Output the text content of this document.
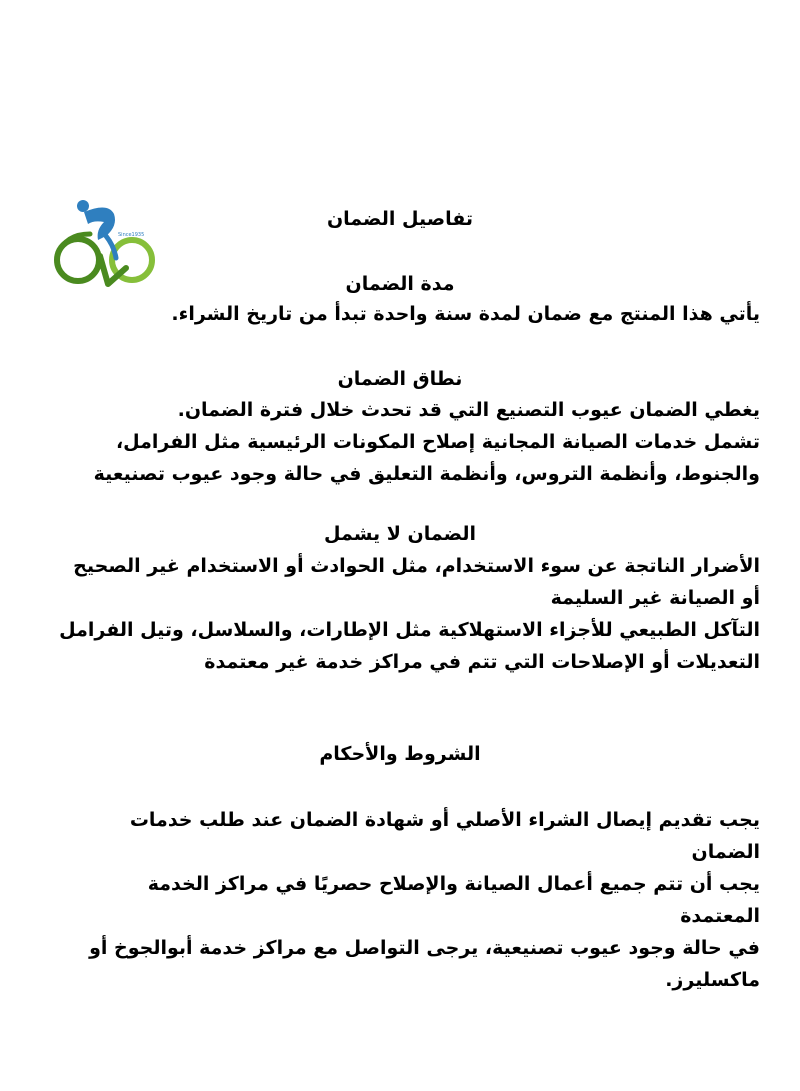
Since1935
تفاصيل الضمان
مدة الضمان
يأتي هذا المنتج مع ضمان لمدة سنة واحدة تبدأ من تاريخ الشراء.
نطاق الضمان
يغطي الضمان عيوب التصنيع التي قد تحدث خلال فترة الضمان.
تشمل خدمات الصيانة المجانية إصلاح المكونات الرئيسية مثل الفرامل،
والجنوط، وأنظمة التروس، وأنظمة التعليق في حالة وجود عيوب تصنيعية
الضمان لا يشمل
الأضرار الناتجة عن سوء الاستخدام، مثل الحوادث أو الاستخدام غير الصحيح
أو الصيانة غير السليمة
التآكل الطبيعي للأجزاء الاستهلاكية مثل الإطارات، والسلاسل، وتيل الفرامل
التعديلات أو الإصلاحات التي تتم في مراكز خدمة غير معتمدة
الشروط والأحكام
يجب تقديم إيصال الشراء الأصلي أو شهادة الضمان عند طلب خدمات
الضمان
يجب أن تتم جميع أعمال الصيانة والإصلاح حصريًا في مراكز الخدمة
المعتمدة
في حالة وجود عيوب تصنيعية، يرجى التواصل مع مراكز خدمة أبوالجوخ أو
ماكسليرز.
